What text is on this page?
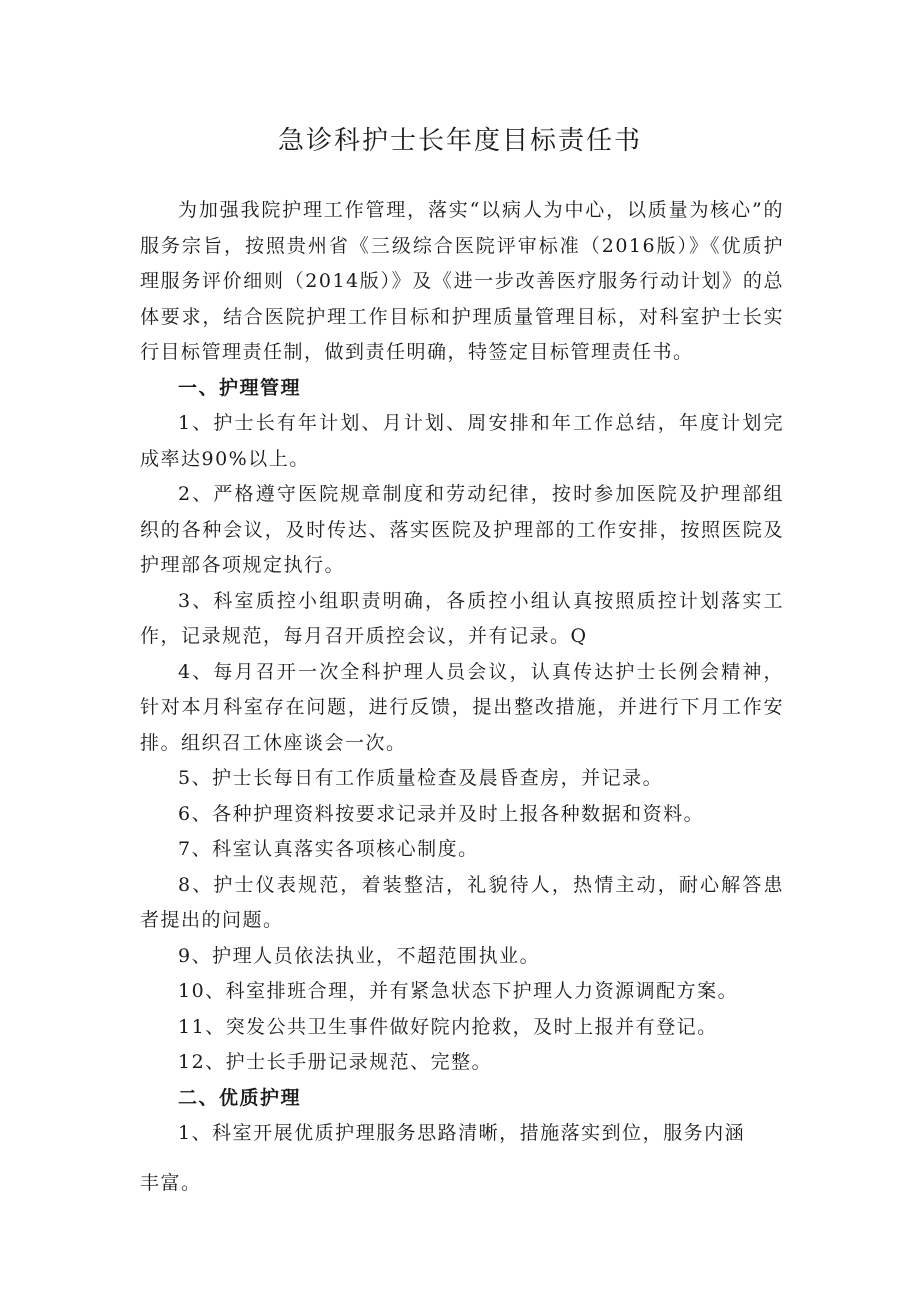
急诊科护士长年度目标责任书

为加强我院护理工作管理，落实“以病人为中心，以质量为核心”的服务宗旨，按照贵州省《三级综合医院评审标准（2016版）》《优质护理服务评价细则（2014版）》及《进一步改善医疗服务行动计划》的总体要求，结合医院护理工作目标和护理质量管理目标，对科室护士长实行目标管理责任制，做到责任明确，特签定目标管理责任书。

一、护理管理

1、护士长有年计划、月计划、周安排和年工作总结，年度计划完成率达90%以上。

2、严格遵守医院规章制度和劳动纪律，按时参加医院及护理部组织的各种会议，及时传达、落实医院及护理部的工作安排，按照医院及护理部各项规定执行。

3、科室质控小组职责明确，各质控小组认真按照质控计划落实工作，记录规范，每月召开质控会议，并有记录。Q

4、每月召开一次全科护理人员会议，认真传达护士长例会精神，针对本月科室存在问题，进行反馈，提出整改措施，并进行下月工作安排。组织召工休座谈会一次。

5、护士长每日有工作质量检查及晨昏查房，并记录。

6、各种护理资料按要求记录并及时上报各种数据和资料。

7、科室认真落实各项核心制度。

8、护士仪表规范，着装整洁，礼貌待人，热情主动，耐心解答患者提出的问题。

9、护理人员依法执业，不超范围执业。

10、科室排班合理，并有紧急状态下护理人力资源调配方案。

11、突发公共卫生事件做好院内抢救，及时上报并有登记。

12、护士长手册记录规范、完整。

二、优质护理

1、科室开展优质护理服务思路清晰，措施落实到位，服务内涵

丰富。
